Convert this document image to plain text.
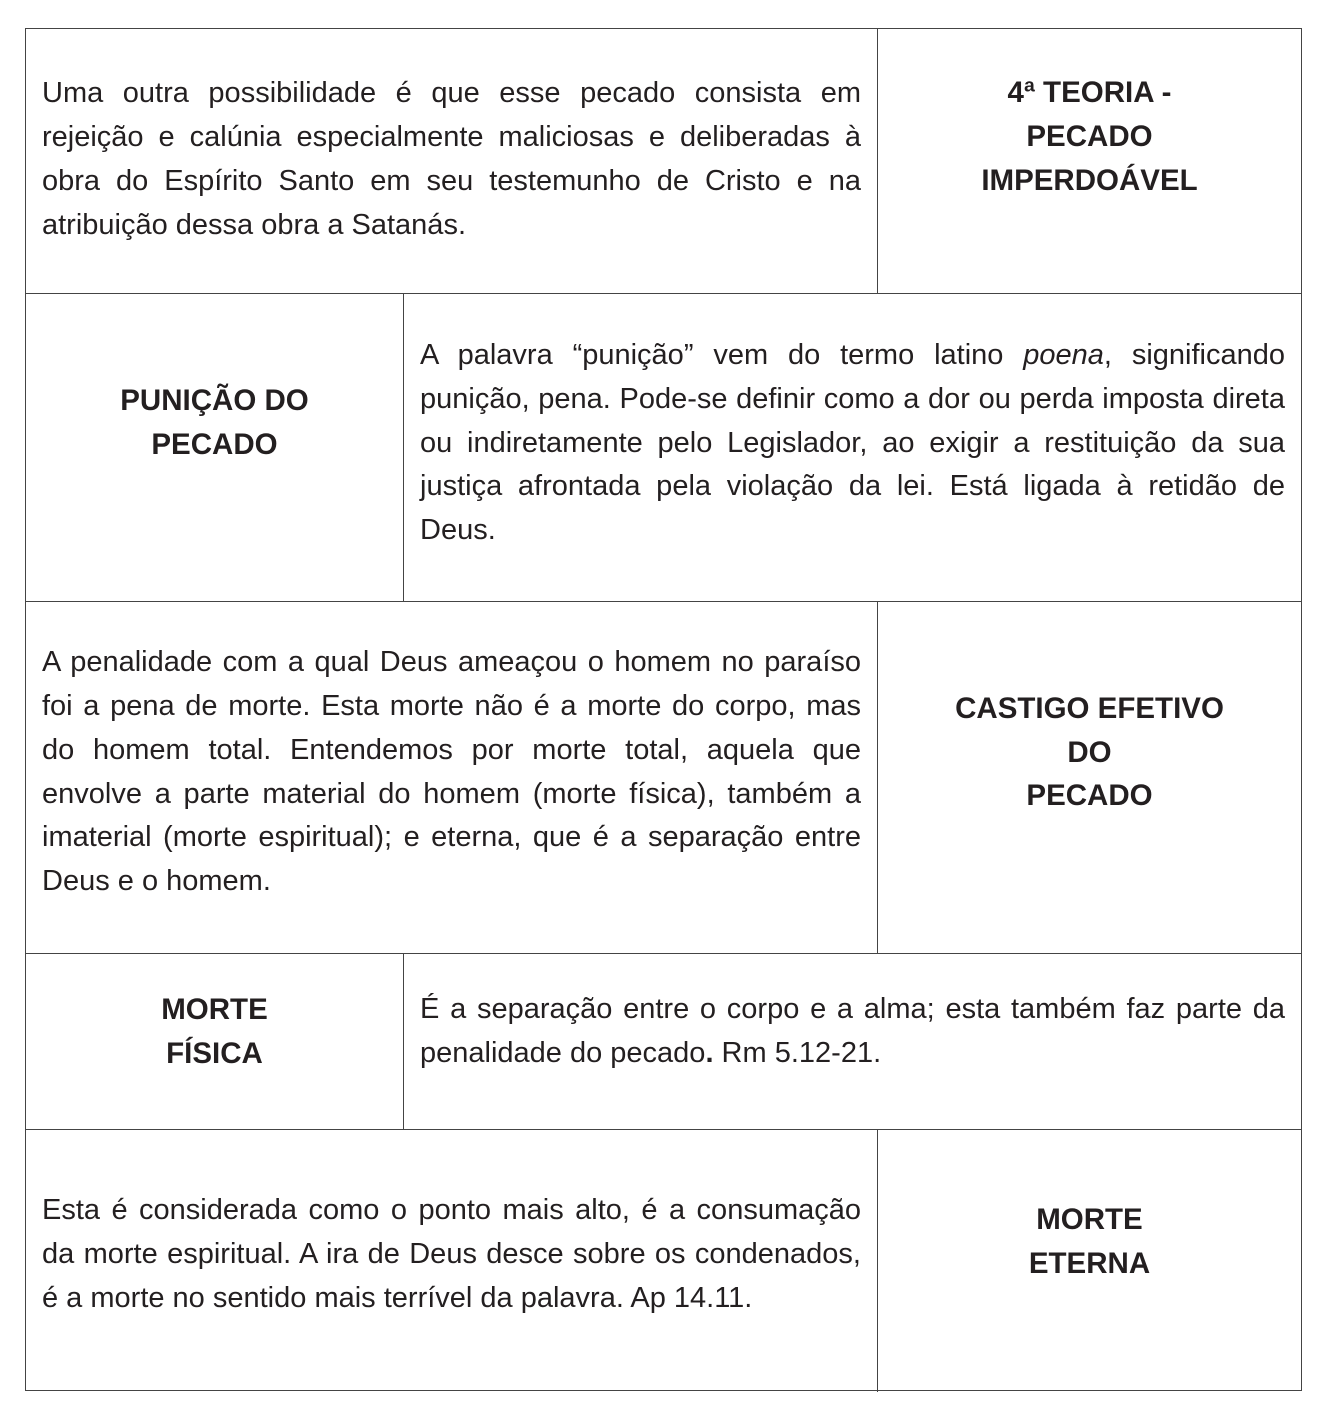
Uma outra possibilidade é que esse pecado consista em rejeição e calúnia especialmente maliciosas e deliberadas à obra do Espírito Santo em seu testemunho de Cristo e na atribuição dessa obra a Satanás.
4ª TEORIA -
PECADO
IMPERDOÁVEL
PUNIÇÃO DO
PECADO
A palavra “punição” vem do termo latino poena, significando punição, pena. Pode-se definir como a dor ou perda imposta direta ou indiretamente pelo Legislador, ao exigir a restituição da sua justiça afrontada pela violação da lei. Está ligada à retidão de Deus.
A penalidade com a qual Deus ameaçou o homem no paraíso foi a pena de morte. Esta morte não é a morte do corpo, mas do homem total. Entendemos por morte total, aquela que envolve a parte material do homem (morte física), também a imaterial (morte espiritual); e eterna, que é a separação entre Deus e o homem.
CASTIGO EFETIVO
DO
PECADO
MORTE
FÍSICA
É a separação entre o corpo e a alma; esta também faz parte da penalidade do pecado. Rm 5.12-21.
Esta é considerada como o ponto mais alto, é a consumação da morte espiritual. A ira de Deus desce sobre os condenados, é a morte no sentido mais terrível da palavra. Ap 14.11.
MORTE
ETERNA
